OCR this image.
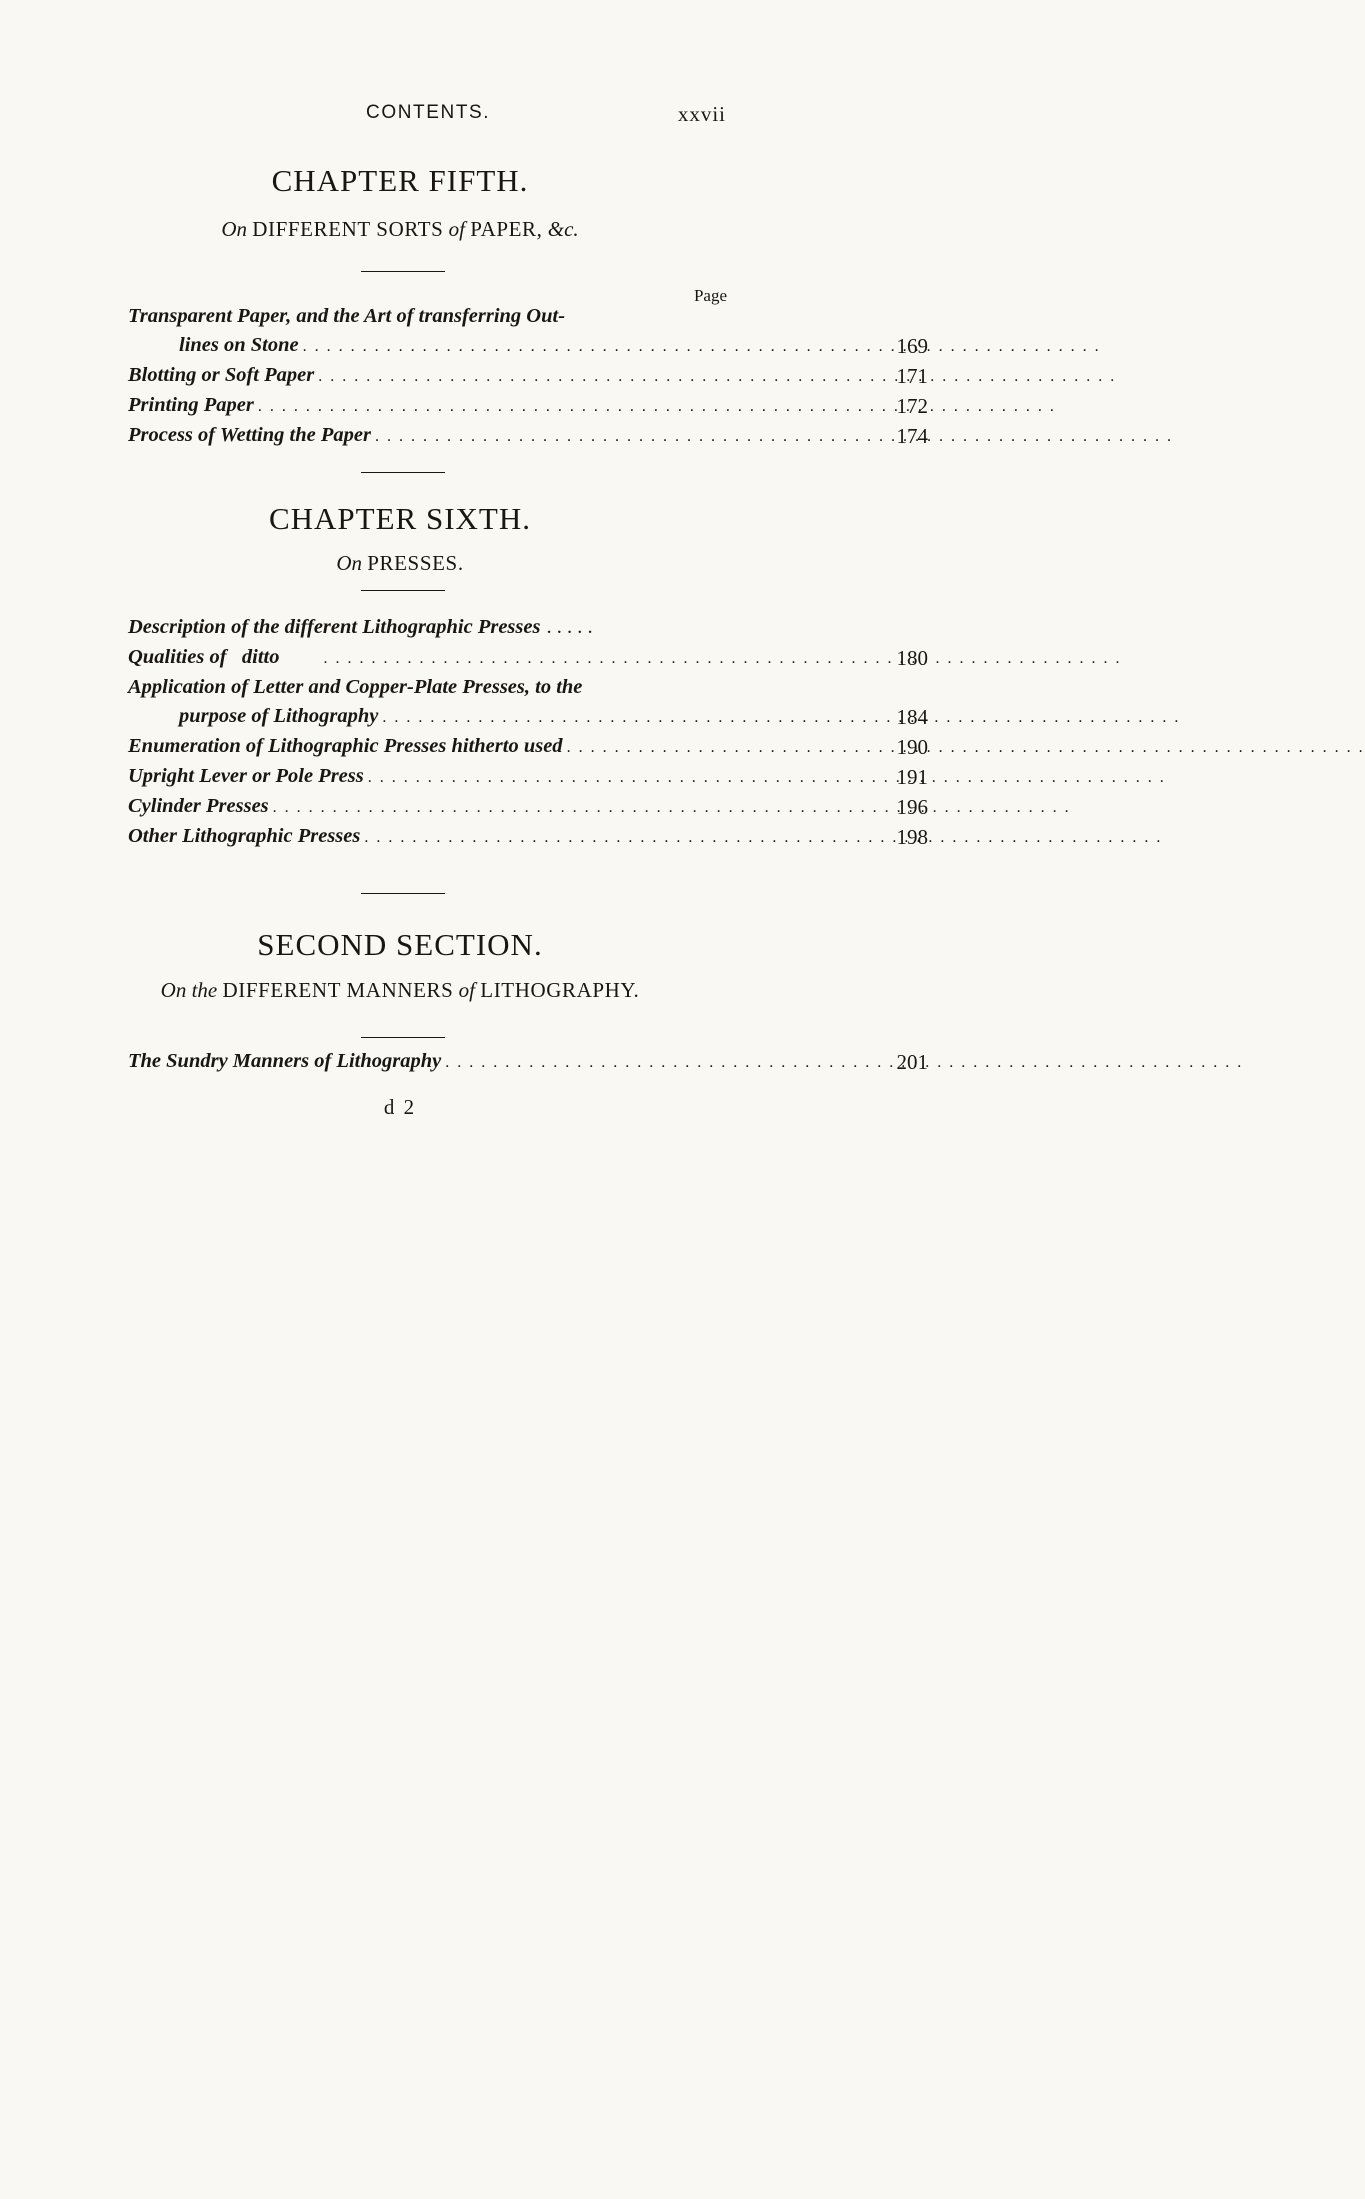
CONTENTS.	xxvii
CHAPTER FIFTH.
On DIFFERENT SORTS of PAPER, &c.
Page
Transparent Paper, and the Art of transferring Out-
lines on Stone . . .	169
Blotting or Soft Paper . . .	171
Printing Paper . . .	172
Process of Wetting the Paper . . .	174
CHAPTER SIXTH.
On PRESSES.
Description of the different Lithographic Presses . . . . .
Qualities of   ditto . . .	180
Application of Letter and Copper-Plate Presses, to the
purpose of Lithography . . .	184
Enumeration of Lithographic Presses hitherto used . . .	190
Upright Lever or Pole Press . . .	191
Cylinder Presses . . .	196
Other Lithographic Presses . . .	198
SECOND SECTION.
On the DIFFERENT MANNERS of LITHOGRAPHY.
The Sundry Manners of Lithography . . .	201
d 2
